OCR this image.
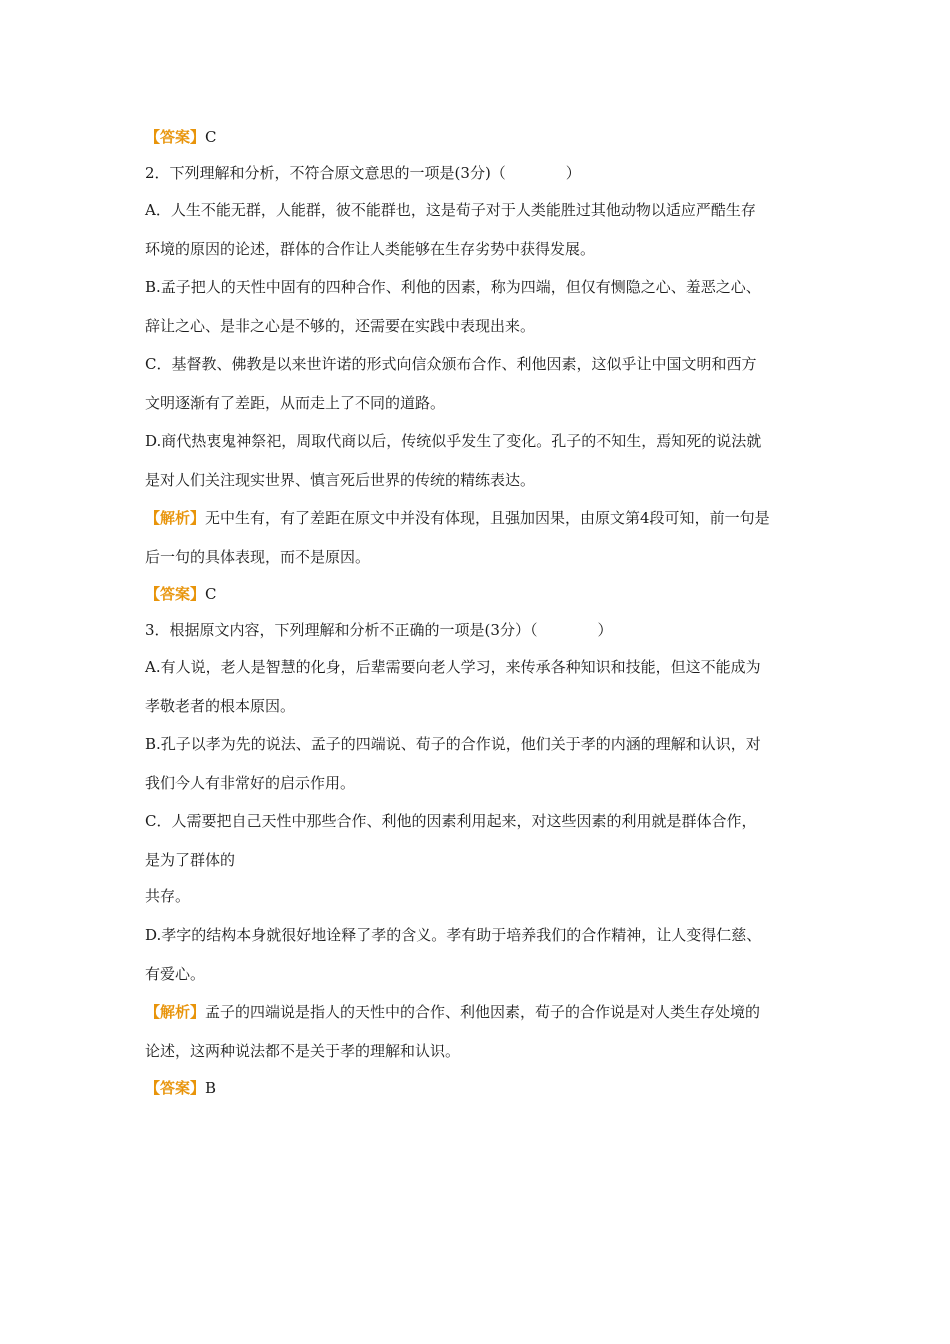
【答案】C
2．下列理解和分析，不符合原文意思的一项是(3分)（　　　　）
A．人生不能无群，人能群，彼不能群也，这是荀子对于人类能胜过其他动物以适应严酷生存
环境的原因的论述，群体的合作让人类能够在生存劣势中获得发展。
B.孟子把人的天性中固有的四种合作、利他的因素，称为四端，但仅有恻隐之心、羞恶之心、
辞让之心、是非之心是不够的，还需要在实践中表现出来。
C．基督教、佛教是以来世许诺的形式向信众颁布合作、利他因素，这似乎让中国文明和西方
文明逐渐有了差距，从而走上了不同的道路。
D.商代热衷鬼神祭祀，周取代商以后，传统似乎发生了变化。孔子的不知生，焉知死的说法就
是对人们关注现实世界、慎言死后世界的传统的精练表达。
【解析】无中生有，有了差距在原文中并没有体现，且强加因果，由原文第4段可知，前一句是
后一句的具体表现，而不是原因。
【答案】C
3．根据原文内容，下列理解和分析不正确的一项是(3分）（　　　　）
A.有人说，老人是智慧的化身，后辈需要向老人学习，来传承各种知识和技能，但这不能成为
孝敬老者的根本原因。
B.孔子以孝为先的说法、孟子的四端说、荀子的合作说，他们关于孝的内涵的理解和认识，对
我们今人有非常好的启示作用。
C．人需要把自己天性中那些合作、利他的因素利用起来，对这些因素的利用就是群体合作，
是为了群体的
共存。
D.孝字的结构本身就很好地诠释了孝的含义。孝有助于培养我们的合作精神，让人变得仁慈、
有爱心。
【解析】孟子的四端说是指人的天性中的合作、利他因素，荀子的合作说是对人类生存处境的
论述，这两种说法都不是关于孝的理解和认识。
【答案】B
